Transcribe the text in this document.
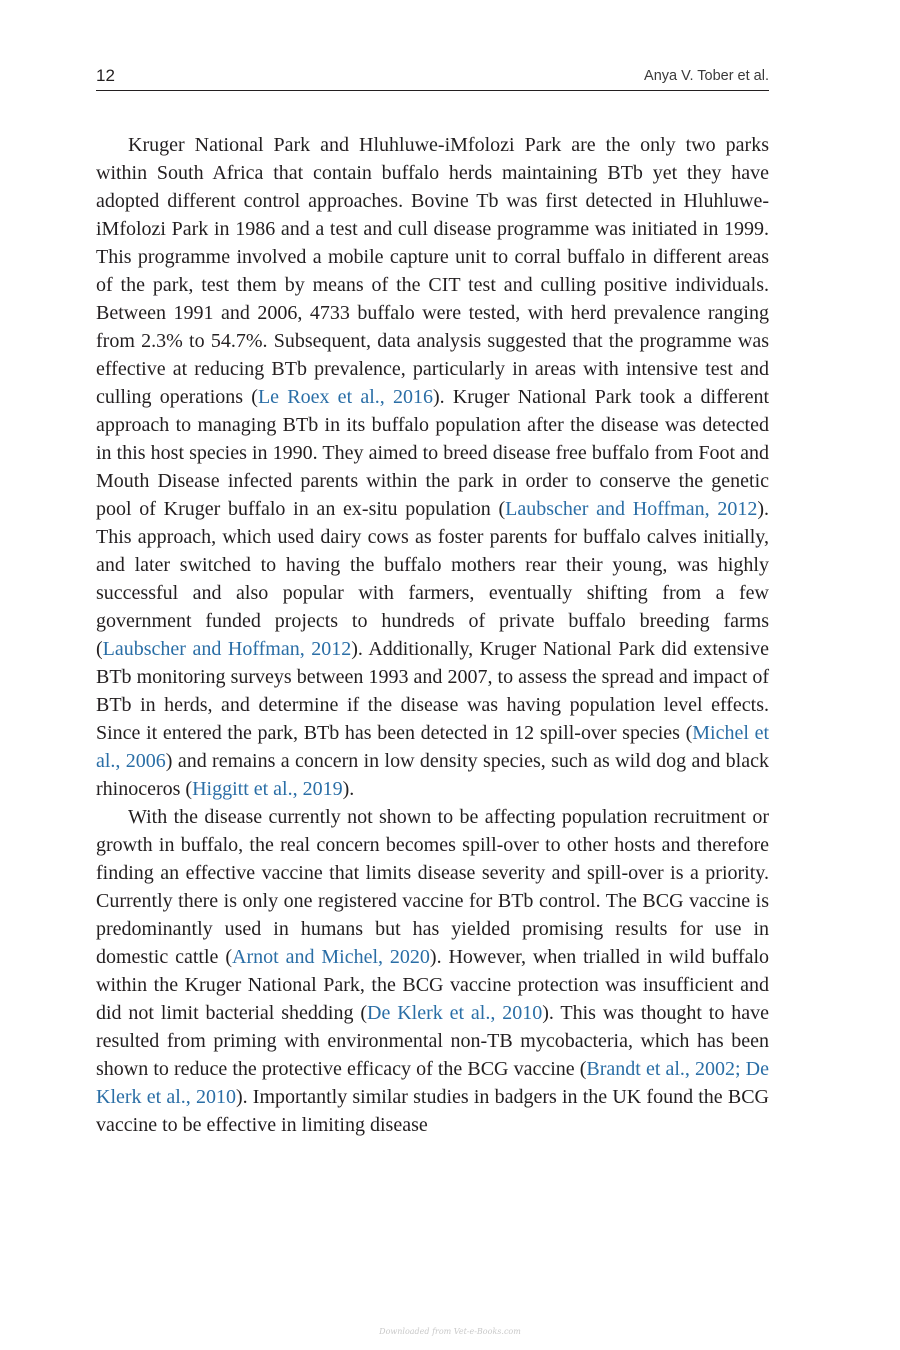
12	Anya V. Tober et al.

Kruger National Park and Hluhluwe-iMfolozi Park are the only two parks within South Africa that contain buffalo herds maintaining BTb yet they have adopted different control approaches. Bovine Tb was first detected in Hluhluwe-iMfolozi Park in 1986 and a test and cull disease programme was initiated in 1999. This programme involved a mobile capture unit to corral buffalo in different areas of the park, test them by means of the CIT test and culling positive individuals. Between 1991 and 2006, 4733 buffalo were tested, with herd prevalence ranging from 2.3% to 54.7%. Subsequent, data analysis suggested that the programme was effective at reducing BTb prevalence, particularly in areas with intensive test and culling operations (Le Roex et al., 2016). Kruger National Park took a different approach to managing BTb in its buffalo population after the disease was detected in this host species in 1990. They aimed to breed disease free buffalo from Foot and Mouth Disease infected parents within the park in order to conserve the genetic pool of Kruger buffalo in an ex-situ population (Laubscher and Hoffman, 2012). This approach, which used dairy cows as foster parents for buffalo calves initially, and later switched to having the buffalo mothers rear their young, was highly successful and also popular with farmers, eventually shifting from a few government funded projects to hundreds of private buffalo breeding farms (Laubscher and Hoffman, 2012). Additionally, Kruger National Park did extensive BTb monitoring surveys between 1993 and 2007, to assess the spread and impact of BTb in herds, and determine if the disease was having population level effects. Since it entered the park, BTb has been detected in 12 spill-over species (Michel et al., 2006) and remains a concern in low density species, such as wild dog and black rhinoceros (Higgitt et al., 2019).

With the disease currently not shown to be affecting population recruitment or growth in buffalo, the real concern becomes spill-over to other hosts and therefore finding an effective vaccine that limits disease severity and spill-over is a priority. Currently there is only one registered vaccine for BTb control. The BCG vaccine is predominantly used in humans but has yielded promising results for use in domestic cattle (Arnot and Michel, 2020). However, when trialled in wild buffalo within the Kruger National Park, the BCG vaccine protection was insufficient and did not limit bacterial shedding (De Klerk et al., 2010). This was thought to have resulted from priming with environmental non-TB mycobacteria, which has been shown to reduce the protective efficacy of the BCG vaccine (Brandt et al., 2002; De Klerk et al., 2010). Importantly similar studies in badgers in the UK found the BCG vaccine to be effective in limiting disease

Downloaded from Vet-e-Books.com
